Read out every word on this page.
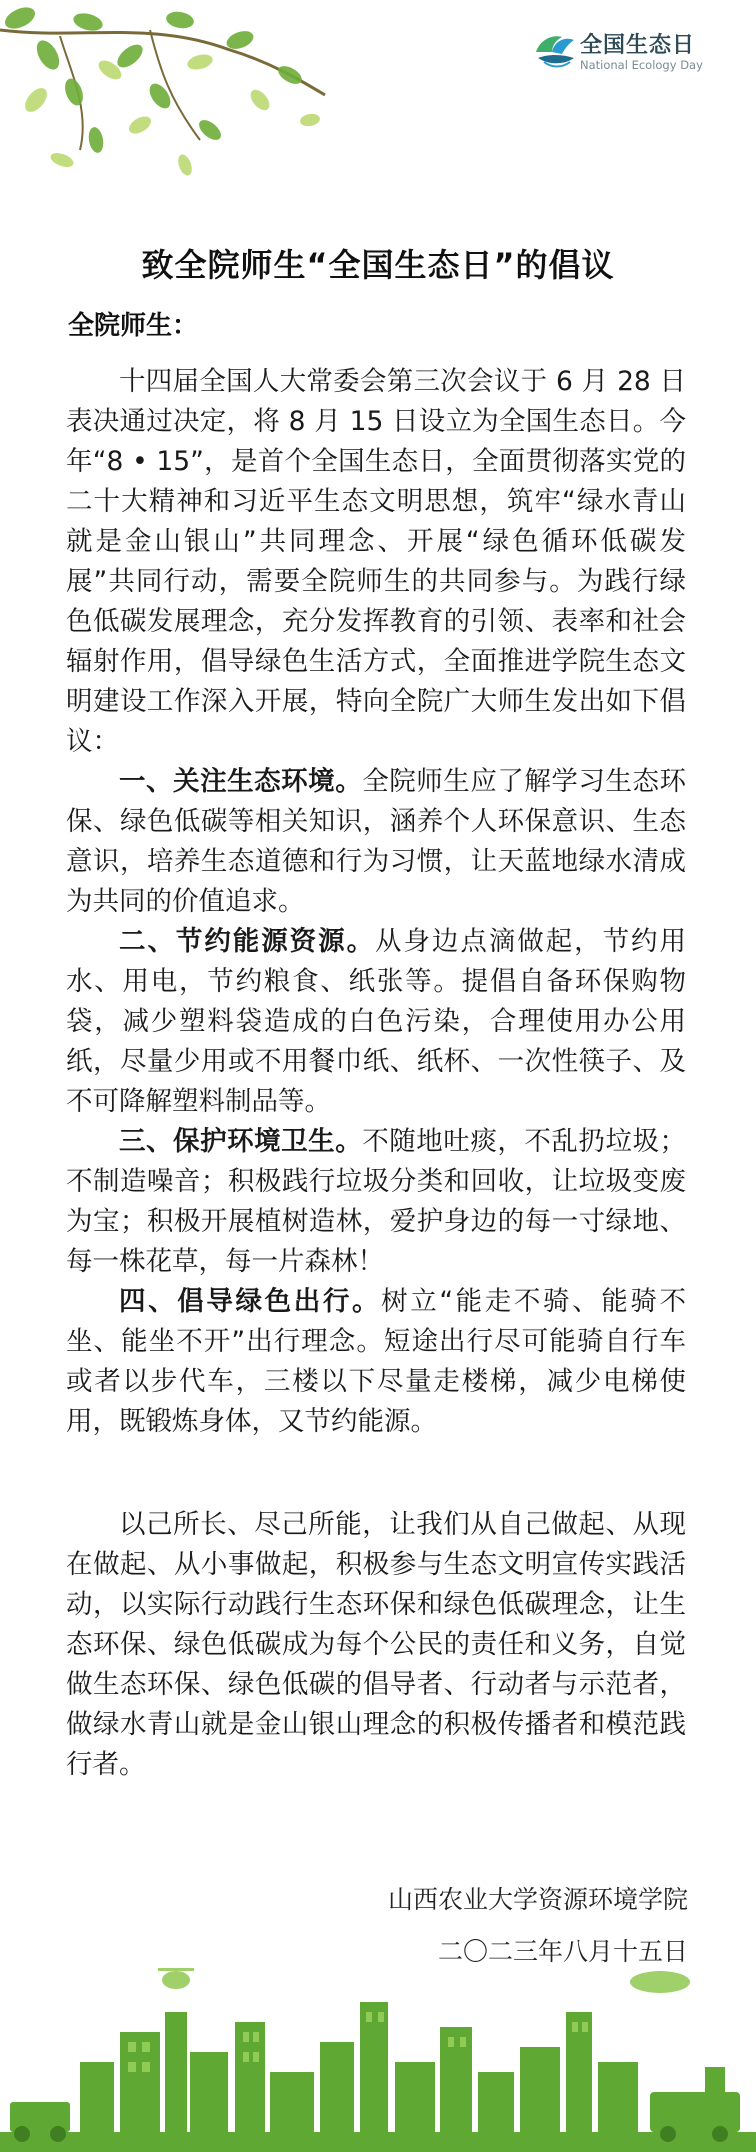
全国生态日
National Ecology Day
致全院师生“全国生态日”的倡议
全院师生：

十四届全国人大常委会第三次会议于 6 月 28 日表决通过决定，将 8 月 15 日设立为全国生态日。今年“8 • 15”，是首个全国生态日，全面贯彻落实党的二十大精神和习近平生态文明思想，筑牢“绿水青山就是金山银山”共同理念、开展“绿色循环低碳发展”共同行动，需要全院师生的共同参与。为践行绿色低碳发展理念，充分发挥教育的引领、表率和社会辐射作用，倡导绿色生活方式，全面推进学院生态文明建设工作深入开展，特向全院广大师生发出如下倡议：

一、关注生态环境。全院师生应了解学习生态环保、绿色低碳等相关知识，涵养个人环保意识、生态意识，培养生态道德和行为习惯，让天蓝地绿水清成为共同的价值追求。

二、节约能源资源。从身边点滴做起，节约用水、用电，节约粮食、纸张等。提倡自备环保购物袋，减少塑料袋造成的白色污染，合理使用办公用纸，尽量少用或不用餐巾纸、纸杯、一次性筷子、及不可降解塑料制品等。

三、保护环境卫生。不随地吐痰，不乱扔垃圾；不制造噪音；积极践行垃圾分类和回收，让垃圾变废为宝；积极开展植树造林，爱护身边的每一寸绿地、每一株花草，每一片森林！

四、倡导绿色出行。树立“能走不骑、能骑不坐、能坐不开”出行理念。短途出行尽可能骑自行车或者以步代车，三楼以下尽量走楼梯，减少电梯使用，既锻炼身体，又节约能源。

以己所长、尽己所能，让我们从自己做起、从现在做起、从小事做起，积极参与生态文明宣传实践活动，以实际行动践行生态环保和绿色低碳理念，让生态环保、绿色低碳成为每个公民的责任和义务，自觉做生态环保、绿色低碳的倡导者、行动者与示范者，做绿水青山就是金山银山理念的积极传播者和模范践行者。

山西农业大学资源环境学院
二〇二三年八月十五日
